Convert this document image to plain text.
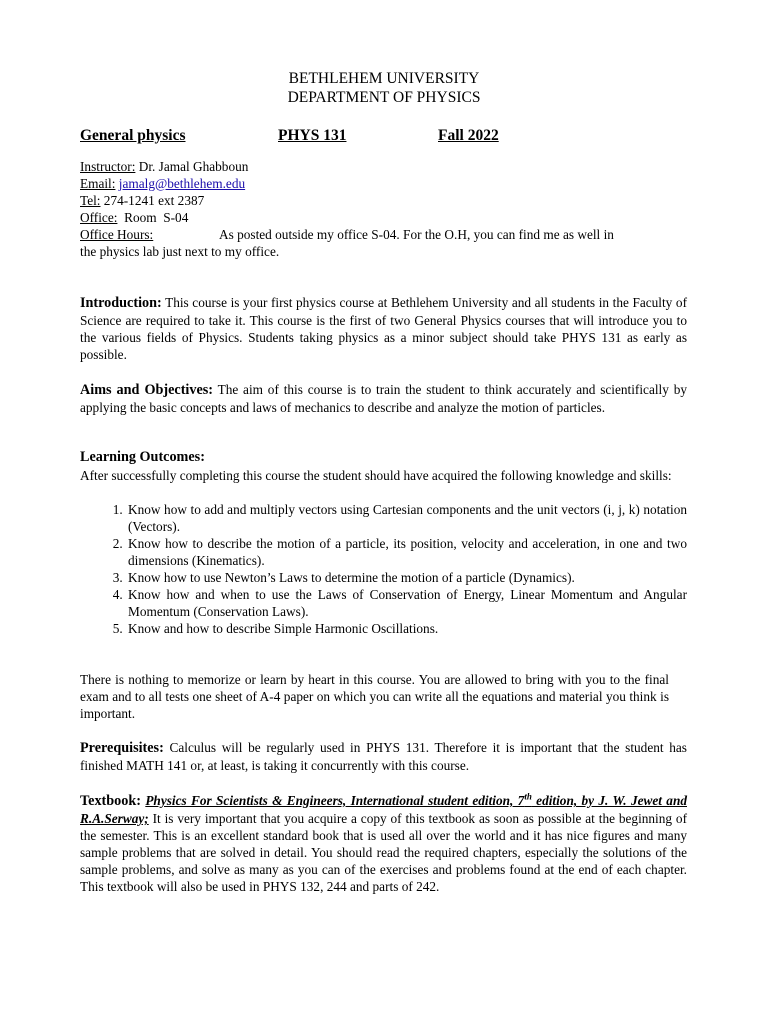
BETHLEHEM UNIVERSITY
DEPARTMENT OF PHYSICS
General physics	PHYS 131	Fall 2022
Instructor: Dr. Jamal Ghabboun
Email: jamalg@bethlehem.edu
Tel: 274-1241 ext 2387
Office:  Room  S-04
Office Hours:	As posted outside my office S-04. For the O.H, you can find me as well in
the physics lab just next to my office.
Introduction: This course is your first physics course at Bethlehem University and all students in the Faculty of Science are required to take it. This course is the first of two General Physics courses that will introduce you to the various fields of Physics. Students taking physics as a minor subject should take PHYS 131 as early as possible.
Aims and Objectives: The aim of this course is to train the student to think accurately and scientifically by applying the basic concepts and laws of mechanics to describe and analyze the motion of particles.
Learning Outcomes:
After successfully completing this course the student should have acquired the following knowledge and skills:
1. Know how to add and multiply vectors using Cartesian components and the unit vectors (i, j, k) notation (Vectors).
2. Know how to describe the motion of a particle, its position, velocity and acceleration, in one and two dimensions (Kinematics).
3. Know how to use Newton’s Laws to determine the motion of a particle (Dynamics).
4. Know how and when to use the Laws of Conservation of Energy, Linear Momentum and Angular Momentum (Conservation Laws).
5. Know and how to describe Simple Harmonic Oscillations.
There is nothing to memorize or learn by heart in this course. You are allowed to bring with you to the final exam and to all tests one sheet of A-4 paper on which you can write all the equations and material you think is important.
Prerequisites: Calculus will be regularly used in PHYS 131. Therefore it is important that the student has finished MATH 141 or, at least, is taking it concurrently with this course.
Textbook: Physics For Scientists & Engineers, International student edition, 7th edition, by J. W. Jewet and R.A.Serway; It is very important that you acquire a copy of this textbook as soon as possible at the beginning of the semester. This is an excellent standard book that is used all over the world and it has nice figures and many sample problems that are solved in detail. You should read the required chapters, especially the solutions of the sample problems, and solve as many as you can of the exercises and problems found at the end of each chapter. This textbook will also be used in PHYS 132, 244 and parts of 242.
